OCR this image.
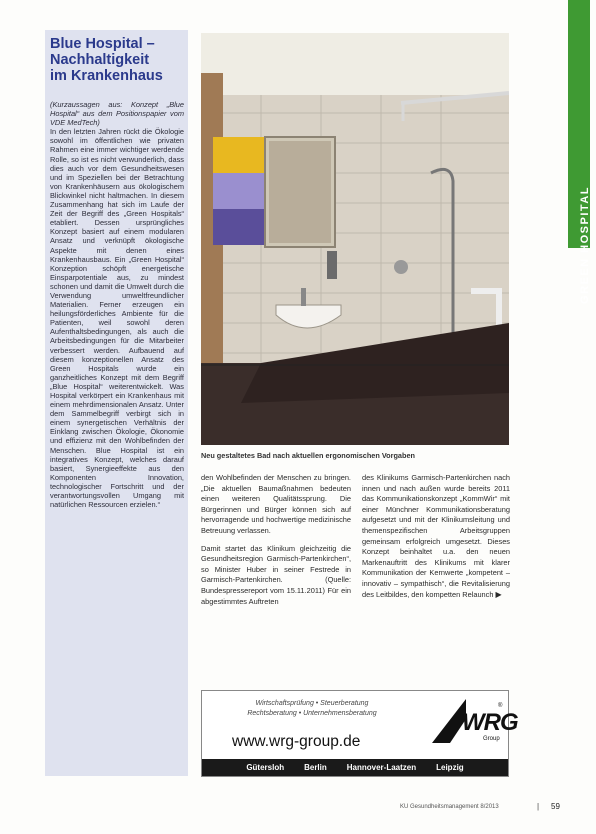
GREEN HOSPITAL
Blue Hospital –
Nachhaltigkeit
im Krankenhaus
(Kurzaussagen aus: Konzept „Blue Hospital“ aus dem Positionspapier vom VDE MedTech)
In den letzten Jahren rückt die Ökologie sowohl im öffentlichen wie privaten Rahmen eine immer wichtiger werdende Rolle, so ist es nicht verwunderlich, dass dies auch vor dem Gesundheitswesen und im Speziellen bei der Betrachtung von Krankenhäusern aus ökologischem Blickwinkel nicht haltmachen. In diesem Zusammenhang hat sich im Laufe der Zeit der Begriff des „Green Hospitals“ etabliert. Dessen ursprüngliches Konzept basiert auf einem modularen Ansatz und verknüpft ökologische Aspekte mit denen eines Krankenhausbaus. Ein „Green Hospital“ Konzeption schöpft energetische Einsparpotentiale aus, zu mindest schonen und damit die Umwelt durch die Verwendung umweltfreundlicher Materialien. Ferner erzeugen ein heilungsförderliches Ambiente für die Patienten, weil sowohl deren Aufenthaltsbedingungen, als auch die Arbeitsbedingungen für die Mitarbeiter verbessert werden. Aufbauend auf diesem konzeptionellen Ansatz des Green Hospitals wurde ein ganzheitliches Konzept mit dem Begriff „Blue Hospital“ weiterentwickelt. Was Hospital verkörpert ein Krankenhaus mit einem mehrdimensionalen Ansatz. Unter dem Sammelbegriff verbirgt sich in einem synergetischen Verhältnis der Einklang zwischen Ökologie, Ökonomie und effizienz mit den Wohlbefinden der Menschen. Blue Hospital ist ein integratives Konzept, welches darauf basiert, Synergieeffekte aus den Komponenten Innovation, technologischer Fortschritt und der verantwortungsvollen Umgang mit natürlichen Ressourcen erzielen.“
Neu gestaltetes Bad nach aktuellen ergonomischen Vorgaben

den Wohlbefinden der Menschen zu bringen. „Die aktuellen Baumaßnahmen bedeuten einen weiteren Qualitätssprung. Die Bürgerinnen und Bürger können sich auf hervorragende und hochwertige medizinische Betreuung verlassen.

Damit startet das Klinikum gleichzeitig die Gesundheitsregion Garmisch-Partenkirchen“, so Minister Huber in seiner Festrede in Garmisch-Partenkirchen. (Quelle: Bundespressereport vom 15.11.2011) Für ein abgestimmtes Auftreten

des Klinikums Garmisch-Partenkirchen nach innen und nach außen wurde bereits 2011 das Kommunikationskonzept „KommWir“ mit einer Münchner Kommunikationsberatung aufgesetzt und mit der Klinikumsleitung und themenspezifischen Arbeitsgruppen gemeinsam erfolgreich umgesetzt. Dieses Konzept beinhaltet u.a. den neuen Markenauftritt des Klinikums mit klarer Kommunikation der Kernwerte „kompetent – innovativ – sympathisch“, die Revitalisierung des Leitbildes, den kompetten Relaunch ▶

Wirtschaftsprüfung • Steuerberatung
Rechtsberatung • Unternehmensberatung
www.wrg-group.de
WRG
®
Group
Gütersloh	Berlin	Hannover-Laatzen	Leipzig
KU Gesundheitsmanagement 8/2013	| 59
